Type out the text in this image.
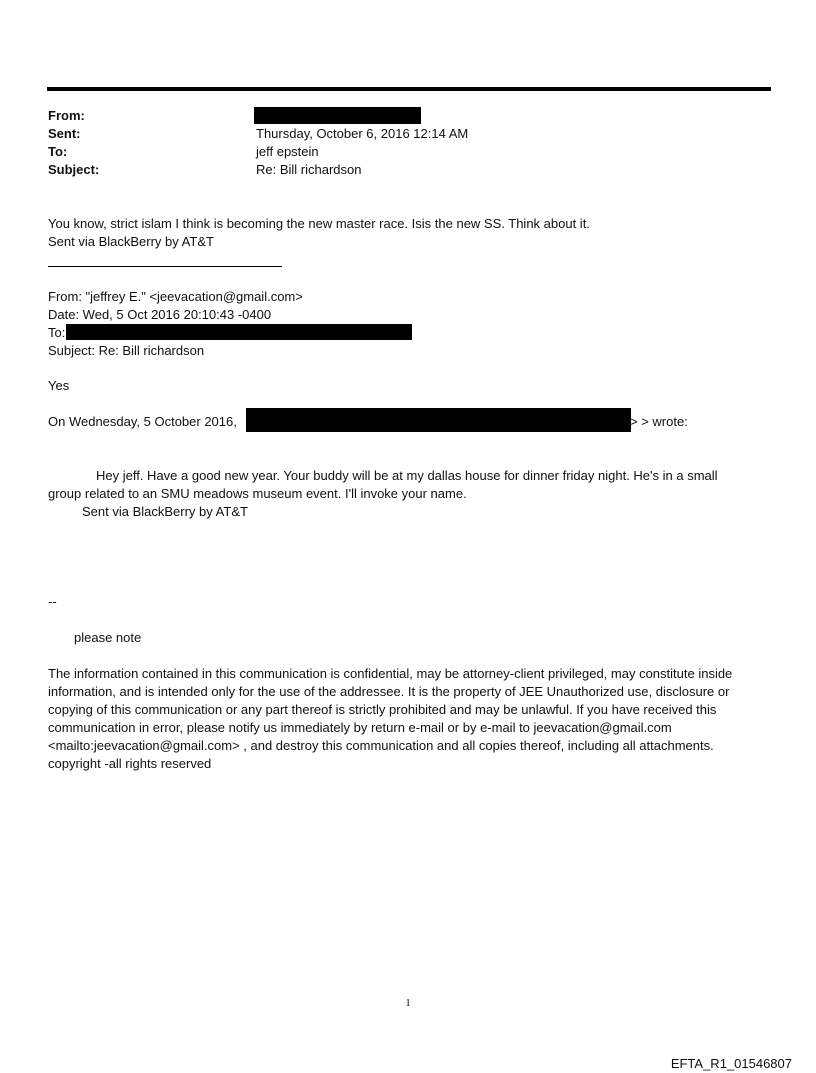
From:
Sent:	Thursday, October 6, 2016 12:14 AM
To:	jeff epstein
Subject:	Re: Bill richardson
You know, strict islam I think is becoming the new master race. Isis the new SS. Think about it.
Sent via BlackBerry by AT&T
From: "jeffrey E." <jeevacation@gmail.com>
Date: Wed, 5 Oct 2016 20:10:43 -0400
To:
Subject: Re: Bill richardson
Yes
On Wednesday, 5 October 2016,	> > wrote:
Hey jeff. Have a good new year. Your buddy will be at my dallas house for dinner friday night. He's in a small
group related to an SMU meadows museum event. I'll invoke your name.
Sent via BlackBerry by AT&T
--
please note
The information contained in this communication is confidential, may be attorney-client privileged, may constitute inside information, and is intended only for the use of the addressee. It is the property of JEE Unauthorized use, disclosure or copying of this communication or any part thereof is strictly prohibited and may be unlawful. If you have received this communication in error, please notify us immediately by return e-mail or by e-mail to jeevacation@gmail.com <mailto:jeevacation@gmail.com> , and destroy this communication and all copies thereof, including all attachments. copyright -all rights reserved
1
EFTA_R1_01546807
